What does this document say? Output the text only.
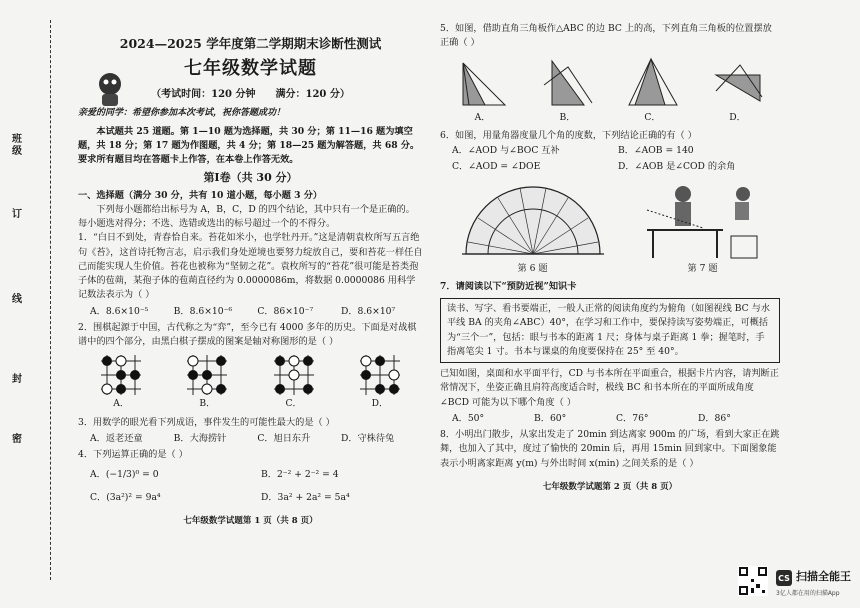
班
级
订
线
封
密
2024—2025 学年度第二学期期末诊断性测试
七年级数学试题
（考试时间：120 分钟　　满分：120 分）
亲爱的同学：希望你参加本次考试，祝你答题成功！

本试题共 25 道题。第 1—10 题为选择题，共 30 分；第 11—16 题为填空题，共 18 分；第 17 题为作图题，共 4 分；第 18—25 题为解答题，共 68 分。要求所有题目均在答题卡上作答，在本卷上作答无效。

第Ⅰ卷（共 30 分）

一、选择题（满分 30 分，共有 10 道小题，每小题 3 分）

下列每小题都给出标号为 A，B，C，D 的四个结论，其中只有一个是正确的。每小题选对得分；不选、选错或选出的标号超过一个的不得分。

1．“白日不到处，青春恰自来。苔花如米小，也学牡丹开。”这是清朝袁枚所写五言绝句《苔》，这首诗托物言志，启示我们身处逆境也要努力绽放自己，要和苔花一样任自己而能实现人生价值。苔花也被称为“坚韧之花”。袁枚所写的“苔花”很可能是苔类孢子体的苞蒴，某孢子体的苞蒴直径约为 0.0000086m，将数据 0.0000086 用科学记数法表示为（ ）

A．8.6×10⁻⁵	B．8.6×10⁻⁶	C．86×10⁻⁷	D．8.6×10⁷

2．围棋起源于中国，古代称之为“弈”，至今已有 4000 多年的历史。下面是对战棋谱中的四个部分，由黑白棋子摆成的图案是轴对称图形的是（ ）

A．	B．	C．	D．

3．用数学的眼光看下列成语，事件发生的可能性最大的是（ ）

A．返老还童	B．大海捞针	C．旭日东升	D．守株待兔

4．下列运算正确的是（ ）

A．(−1/3)⁰ = 0	B．2⁻² + 2⁻² = 4
C．(3a²)² = 9a⁴	D．3a² + 2a² = 5a⁴
七年级数学试题第 1 页（共 8 页）

5．如图，借助直角三角板作△ABC 的边 BC 上的高，下列直角三角板的位置摆放正确（ ）

A．	B．	C．	D．

6．如图，用量角器度量几个角的度数，下列结论正确的有（ ）

A．∠AOD 与∠BOC 互补	B．∠AOB = 140
C．∠AOD = ∠DOE	D．∠AOB 是∠COD 的余角
第 6 题	第 7 题

7．请阅读以下“预防近视”知识卡

读书、写字、看书要端正，一般人正常的阅读角度约为俯角（如图视线 BC 与水平线 BA 的夹角∠ABC）40°，在学习和工作中，要保持读写姿势端正，可概括为“三个一”，包括：眼与书本的距离 1 尺；身体与桌子距离 1 拳；握笔时，手指离笔尖 1 寸。书本与课桌的角度要保持在 25° 至 40°。

已知如图，桌面和水平面平行，CD 与书本所在平面重合，根据卡片内容，请判断正常情况下，坐姿正确且肩符高度适合时，极线 BC 和书本所在的平面所成角度∠BCD 可能为以下哪个角度（ ）

A．50°	B．60°	C．76°	D．86°

8．小明出门散步，从家出发走了 20min 到达离家 900m 的广场，看到大家正在跳舞，也加入了其中，度过了愉快的 20min 后，再用 15min 回到家中。下面图象能表示小明离家距离 y(m) 与外出时间 x(min) 之间关系的是（ ）

七年级数学试题第 2 页（共 8 页）
CS 扫描全能王
3亿人都在用的扫描App
